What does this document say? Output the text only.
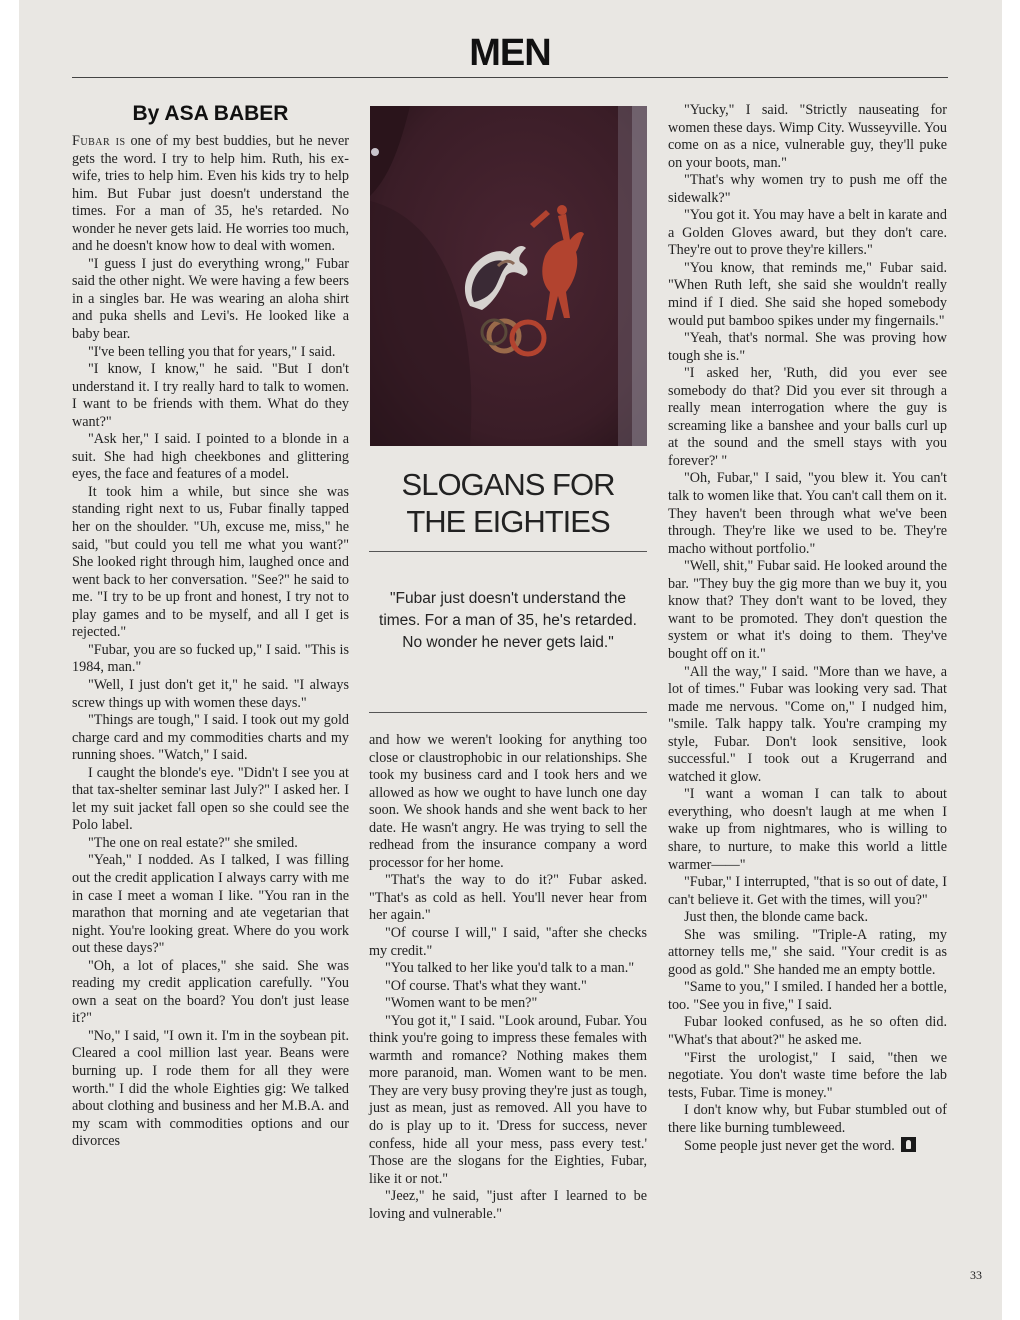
MEN
By ASA BABER

Fubar is one of my best buddies, but he never gets the word. I try to help him. Ruth, his ex-wife, tries to help him. Even his kids try to help him. But Fubar just doesn't understand the times. For a man of 35, he's retarded. No wonder he never gets laid. He worries too much, and he doesn't know how to deal with women.

"I guess I just do everything wrong," Fubar said the other night. We were having a few beers in a singles bar. He was wearing an aloha shirt and puka shells and Levi's. He looked like a baby bear.

"I've been telling you that for years," I said.

"I know, I know," he said. "But I don't understand it. I try really hard to talk to women. I want to be friends with them. What do they want?"

"Ask her," I said. I pointed to a blonde in a suit. She had high cheekbones and glittering eyes, the face and features of a model.

It took him a while, but since she was standing right next to us, Fubar finally tapped her on the shoulder. "Uh, excuse me, miss," he said, "but could you tell me what you want?" She looked right through him, laughed once and went back to her conversation. "See?" he said to me. "I try to be up front and honest, I try not to play games and to be myself, and all I get is rejected."

"Fubar, you are so fucked up," I said. "This is 1984, man."

"Well, I just don't get it," he said. "I always screw things up with women these days."

"Things are tough," I said. I took out my gold charge card and my commodities charts and my running shoes. "Watch," I said.

I caught the blonde's eye. "Didn't I see you at that tax-shelter seminar last July?" I asked her. I let my suit jacket fall open so she could see the Polo label.

"The one on real estate?" she smiled.

"Yeah," I nodded. As I talked, I was filling out the credit application I always carry with me in case I meet a woman I like. "You ran in the marathon that morning and ate vegetarian that night. You're looking great. Where do you work out these days?"

"Oh, a lot of places," she said. She was reading my credit application carefully. "You own a seat on the board? You don't just lease it?"

"No," I said, "I own it. I'm in the soybean pit. Cleared a cool million last year. Beans were burning up. I rode them for all they were worth." I did the whole Eighties gig: We talked about clothing and business and her M.B.A. and my scam with commodities options and our divorces

SLOGANS FOR
THE EIGHTIES
"Fubar just doesn't understand the times. For a man of 35, he's retarded. No wonder he never gets laid."

and how we weren't looking for anything too close or claustrophobic in our relationships. She took my business card and I took hers and we allowed as how we ought to have lunch one day soon. We shook hands and she went back to her date. He wasn't angry. He was trying to sell the redhead from the insurance company a word processor for her home.

"That's the way to do it?" Fubar asked. "That's as cold as hell. You'll never hear from her again."

"Of course I will," I said, "after she checks my credit."

"You talked to her like you'd talk to a man."

"Of course. That's what they want."

"Women want to be men?"

"You got it," I said. "Look around, Fubar. You think you're going to impress these females with warmth and romance? Nothing makes them more paranoid, man. Women want to be men. They are very busy proving they're just as tough, just as mean, just as removed. All you have to do is play up to it. 'Dress for success, never confess, hide all your mess, pass every test.' Those are the slogans for the Eighties, Fubar, like it or not."

"Jeez," he said, "just after I learned to be loving and vulnerable."

"Yucky," I said. "Strictly nauseating for women these days. Wimp City. Wusseyville. You come on as a nice, vulnerable guy, they'll puke on your boots, man."

"That's why women try to push me off the sidewalk?"

"You got it. You may have a belt in karate and a Golden Gloves award, but they don't care. They're out to prove they're killers."

"You know, that reminds me," Fubar said. "When Ruth left, she said she wouldn't really mind if I died. She said she hoped somebody would put bamboo spikes under my fingernails."

"Yeah, that's normal. She was proving how tough she is."

"I asked her, 'Ruth, did you ever see somebody do that? Did you ever sit through a really mean interrogation where the guy is screaming like a banshee and your balls curl up at the sound and the smell stays with you forever?' "

"Oh, Fubar," I said, "you blew it. You can't talk to women like that. You can't call them on it. They haven't been through what we've been through. They're like we used to be. They're macho without portfolio."

"Well, shit," Fubar said. He looked around the bar. "They buy the gig more than we buy it, you know that? They don't want to be loved, they want to be promoted. They don't question the system or what it's doing to them. They've bought off on it."

"All the way," I said. "More than we have, a lot of times." Fubar was looking very sad. That made me nervous. "Come on," I nudged him, "smile. Talk happy talk. You're cramping my style, Fubar. Don't look sensitive, look successful." I took out a Krugerrand and watched it glow.

"I want a woman I can talk to about everything, who doesn't laugh at me when I wake up from nightmares, who is willing to share, to nurture, to make this world a little warmer——"

"Fubar," I interrupted, "that is so out of date, I can't believe it. Get with the times, will you?"

Just then, the blonde came back.

She was smiling. "Triple-A rating, my attorney tells me," she said. "Your credit is as good as gold." She handed me an empty bottle.

"Same to you," I smiled. I handed her a bottle, too. "See you in five," I said.

Fubar looked confused, as he so often did. "What's that about?" he asked me.

"First the urologist," I said, "then we negotiate. You don't waste time before the lab tests, Fubar. Time is money."

I don't know why, but Fubar stumbled out of there like burning tumbleweed.

Some people just never get the word.

33
